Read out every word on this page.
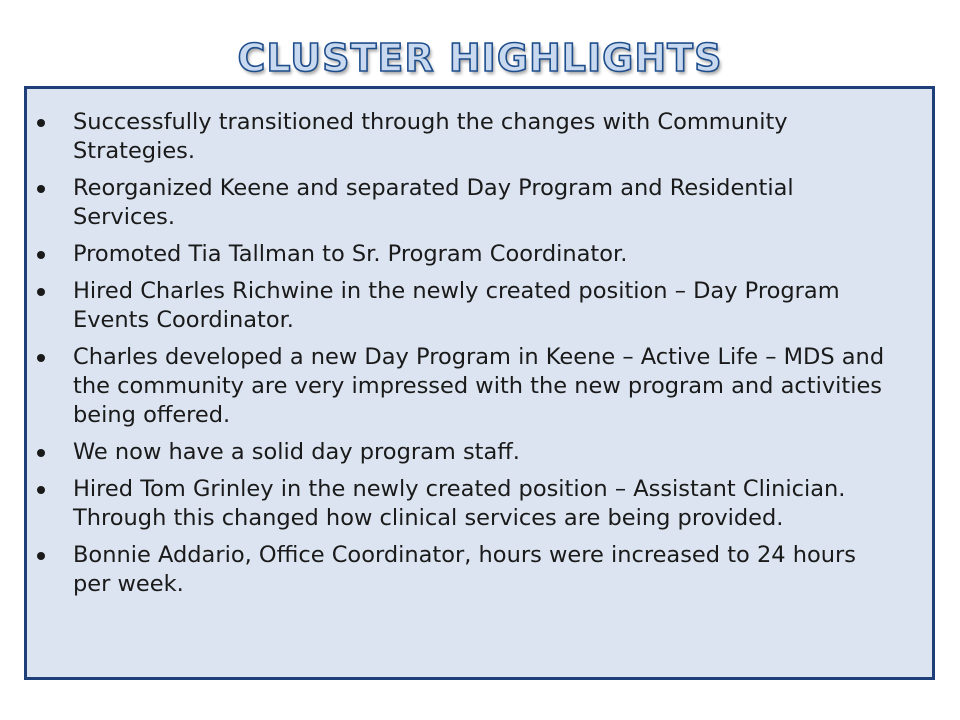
CLUSTER HIGHLIGHTS
Successfully transitioned through the changes with Community Strategies.
Reorganized Keene and separated Day Program and Residential Services.
Promoted Tia Tallman to Sr. Program Coordinator.
Hired Charles Richwine in the newly created position – Day Program Events Coordinator.
Charles developed a new Day Program in Keene – Active Life – MDS and the community are very impressed with the new program and activities being offered.
We now have a solid day program staff.
Hired Tom Grinley in the newly created position – Assistant Clinician. Through this changed how clinical services are being provided.
Bonnie Addario, Office Coordinator, hours were increased to 24 hours per week.
